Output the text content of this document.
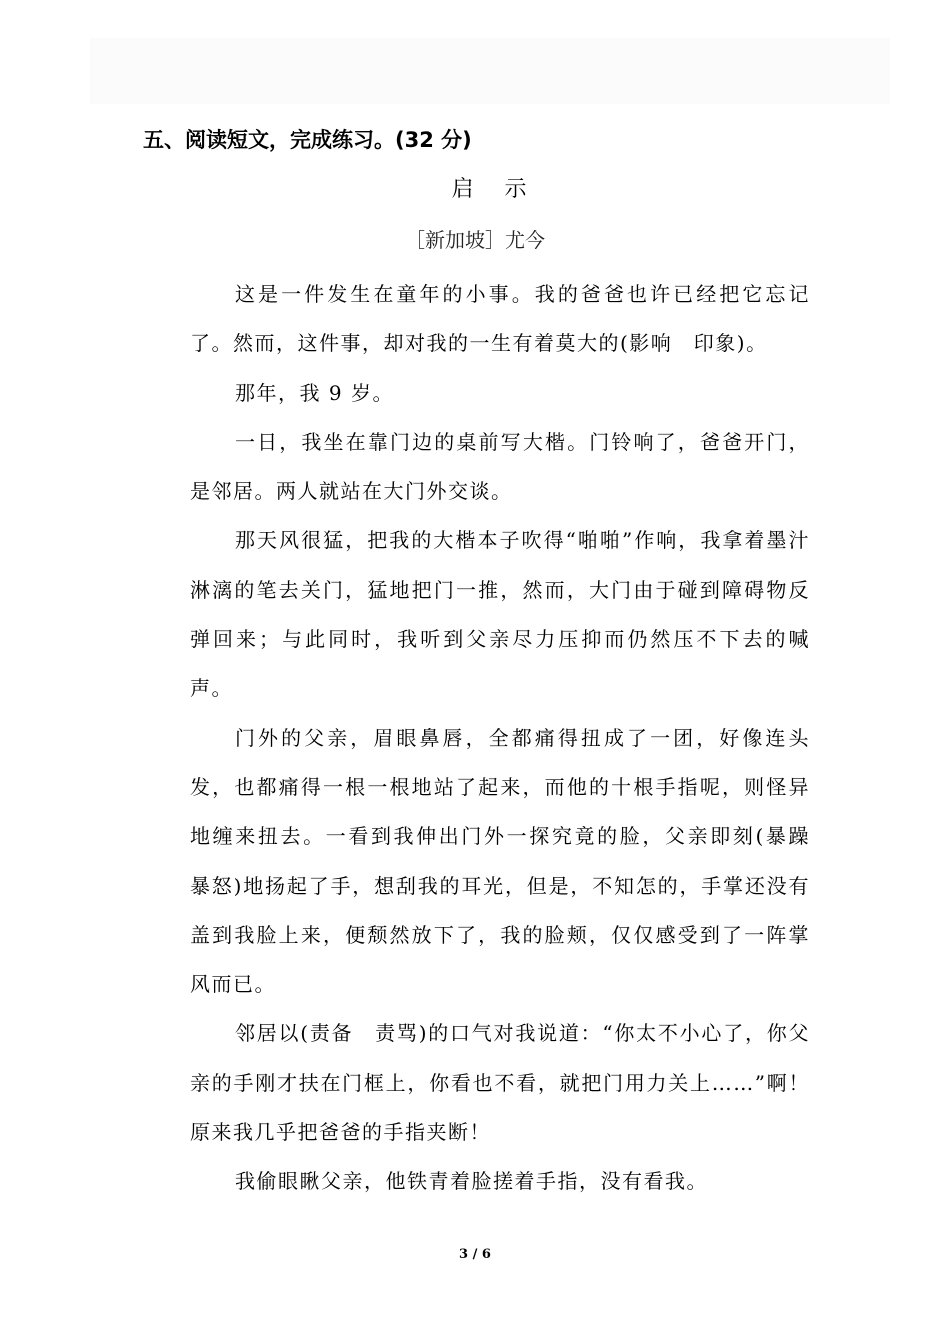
五、阅读短文，完成练习。(32 分)
启 示
［新加坡］尤今

这是一件发生在童年的小事。我的爸爸也许已经把它忘记了。然而，这件事，却对我的一生有着莫大的(影响　印象)。

那年，我 9 岁。

一日，我坐在靠门边的桌前写大楷。门铃响了，爸爸开门，是邻居。两人就站在大门外交谈。

那天风很猛，把我的大楷本子吹得“啪啪”作响，我拿着墨汁淋漓的笔去关门，猛地把门一推，然而，大门由于碰到障碍物反弹回来；与此同时，我听到父亲尽力压抑而仍然压不下去的喊声。

门外的父亲，眉眼鼻唇，全都痛得扭成了一团，好像连头发，也都痛得一根一根地站了起来，而他的十根手指呢，则怪异地缠来扭去。一看到我伸出门外一探究竟的脸，父亲即刻(暴躁　暴怒)地扬起了手，想刮我的耳光，但是，不知怎的，手掌还没有盖到我脸上来，便颓然放下了，我的脸颊，仅仅感受到了一阵掌风而已。

邻居以(责备　责骂)的口气对我说道：“你太不小心了，你父亲的手刚才扶在门框上，你看也不看，就把门用力关上……”啊！原来我几乎把爸爸的手指夹断！

我偷眼瞅父亲，他铁青着脸搓着手指，没有看我。

3 / 6
